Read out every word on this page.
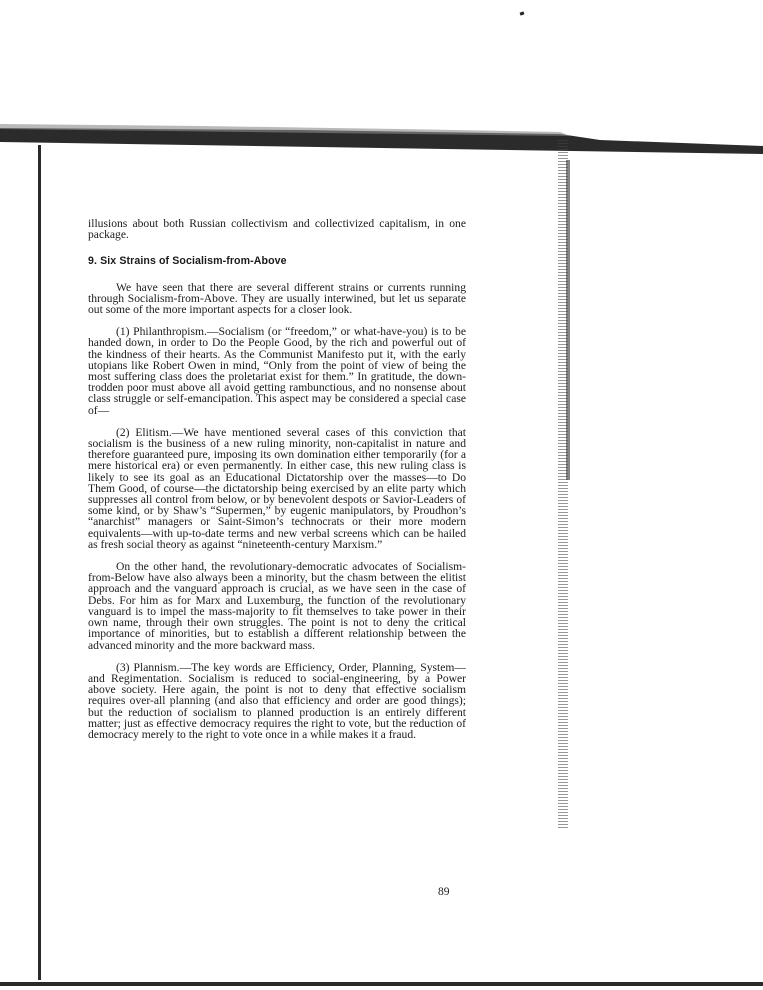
illusions about both Russian collectivism and collectivized capitalism, in one package.

9. Six Strains of Socialism-from-Above

We have seen that there are several different strains or currents running through Socialism-from-Above. They are usually interwined, but let us separate out some of the more important aspects for a closer look.

(1) Philanthropism.—Socialism (or “freedom,” or what-have-you) is to be handed down, in order to Do the People Good, by the rich and powerful out of the kindness of their hearts. As the Communist Manifesto put it, with the early utopians like Robert Owen in mind, “Only from the point of view of being the most suffering class does the proletariat exist for them.” In gratitude, the down-trodden poor must above all avoid getting rambunctious, and no nonsense about class struggle or self-emancipation. This aspect may be considered a special case of—

(2) Elitism.—We have mentioned several cases of this conviction that socialism is the business of a new ruling minority, non-capitalist in nature and therefore guaranteed pure, imposing its own domination either temporarily (for a mere historical era) or even permanently. In either case, this new ruling class is likely to see its goal as an Educational Dictatorship over the masses—to Do Them Good, of course—the dictatorship being exercised by an elite party which suppresses all control from below, or by benevolent despots or Savior-Leaders of some kind, or by Shaw’s “Supermen,” by eugenic manipulators, by Proudhon’s “anarchist” managers or Saint-Simon’s technocrats or their more modern equivalents—with up-to-date terms and new verbal screens which can be hailed as fresh social theory as against “nineteenth-century Marxism.”

On the other hand, the revolutionary-democratic advocates of Socialism-from-Below have also always been a minority, but the chasm between the elitist approach and the vanguard approach is crucial, as we have seen in the case of Debs. For him as for Marx and Luxemburg, the function of the revolutionary vanguard is to impel the mass-majority to fit themselves to take power in their own name, through their own struggles. The point is not to deny the critical importance of minorities, but to establish a different relationship between the advanced minority and the more backward mass.

(3) Plannism.—The key words are Efficiency, Order, Planning, System—and Regimentation. Socialism is reduced to social-engineering, by a Power above society. Here again, the point is not to deny that effective socialism requires over-all planning (and also that efficiency and order are good things); but the reduction of socialism to planned production is an entirely different matter; just as effective democracy requires the right to vote, but the reduction of democracy merely to the right to vote once in a while makes it a fraud.

89
